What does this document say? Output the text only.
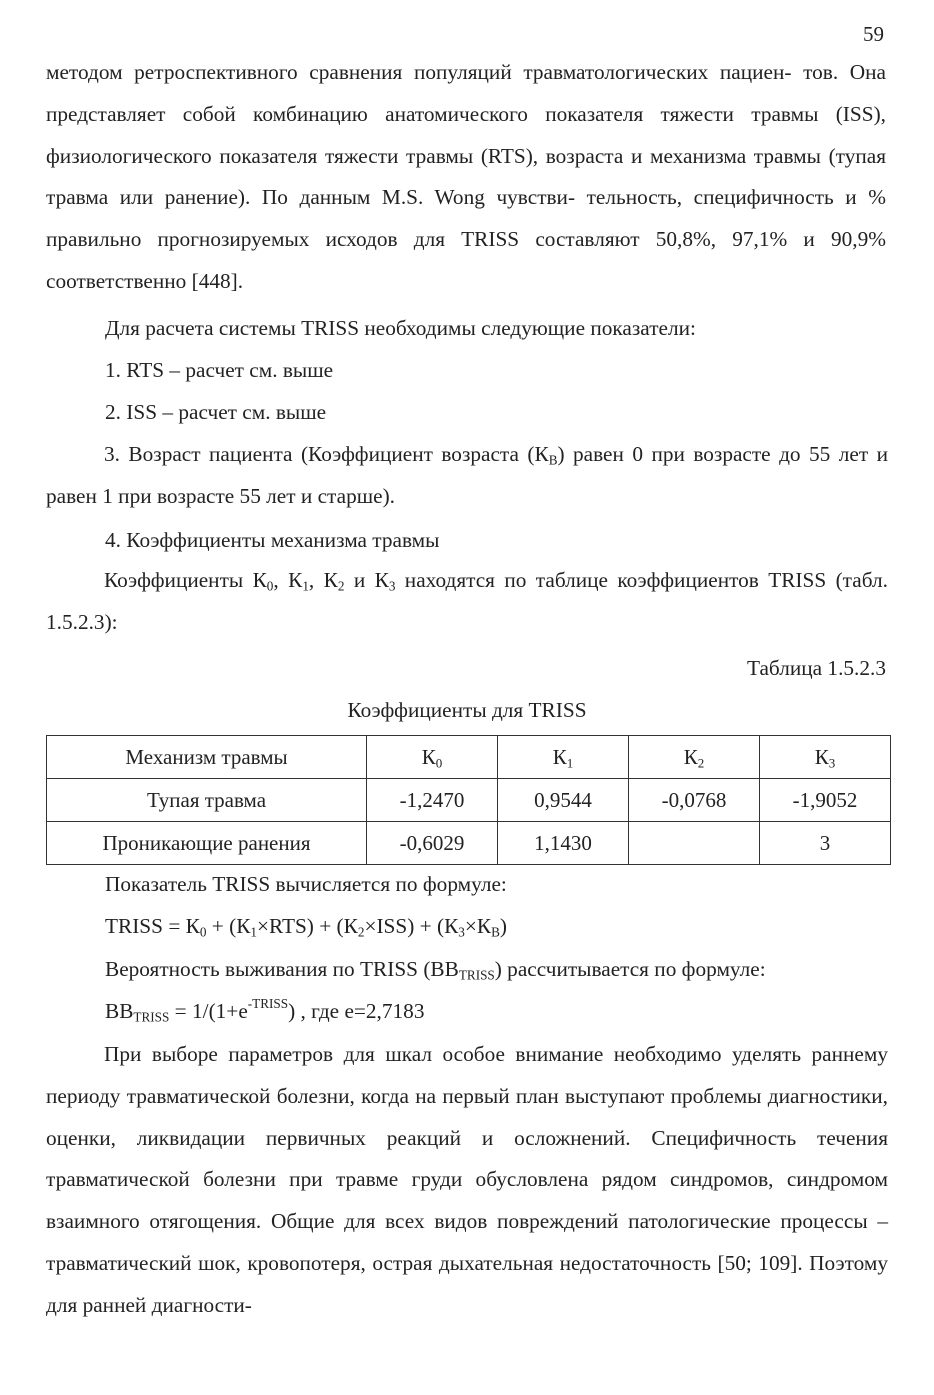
59
методом ретроспективного сравнения популяций травматологических пациен- тов. Она представляет собой комбинацию анатомического показателя тяжести травмы (ISS), физиологического показателя тяжести травмы (RTS), возраста и механизма травмы (тупая травма или ранение). По данным M.S. Wong чувстви- тельность, специфичность и % правильно прогнозируемых исходов для TRISS составляют 50,8%, 97,1% и 90,9% соответственно [448].
Для расчета системы TRISS необходимы следующие показатели:
1. RTS – расчет см. выше
2. ISS – расчет см. выше
3. Возраст пациента (Коэффициент возраста $(К_В)$ равен 0 при возрасте до 55 лет и равен 1 при возрасте 55 лет и старше).
4. Коэффициенты механизма травмы
Коэффициенты $К_0$, $К_1$, $К_2$ и $К_3$ находятся по таблице коэффициентов TRISS (табл. 1.5.2.3):
Таблица 1.5.2.3
Коэффициенты для TRISS
Механизм травмы	$К_0$	$К_1$	$К_2$	$К_3$
Тупая травма	-1,2470	0,9544	-0,0768	-1,9052
Проникающие ранения	-0,6029	1,1430		3
Показатель TRISS вычисляется по формуле:
TRISS = $К_0 + (К_1\times RTS) + (К_2\times ISS) + (К_3\times К_В)$
Вероятность выживания по TRISS $(ВВ_{TRISS})$ рассчитывается по формуле:
$ВВ_{TRISS} = 1/(1+e^{-TRISS})$ , где e=2,7183
При выборе параметров для шкал особое внимание необходимо уделять раннему периоду травматической болезни, когда на первый план выступают проблемы диагностики, оценки, ликвидации первичных реакций и осложнений. Специфичность течения травматической болезни при травме груди обусловлена рядом синдромов, синдромом взаимного отягощения. Общие для всех видов повреждений патологические процессы – травматический шок, кровопотеря, острая дыхательная недостаточность [50; 109]. Поэтому для ранней диагности-
